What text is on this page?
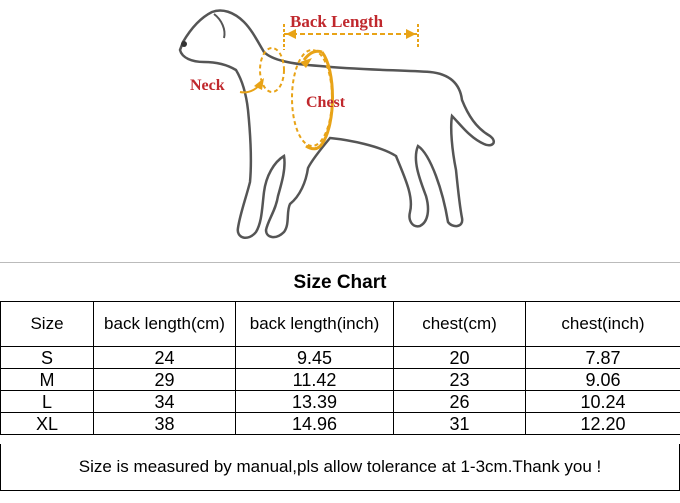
Back Length
Neck
Chest
Size Chart
Size	back length(cm)	back length(inch)	chest(cm)	chest(inch)
S	24	9.45	20	7.87
M	29	11.42	23	9.06
L	34	13.39	26	10.24
XL	38	14.96	31	12.20
Size is measured by manual,pls allow tolerance at 1-3cm.Thank you !
